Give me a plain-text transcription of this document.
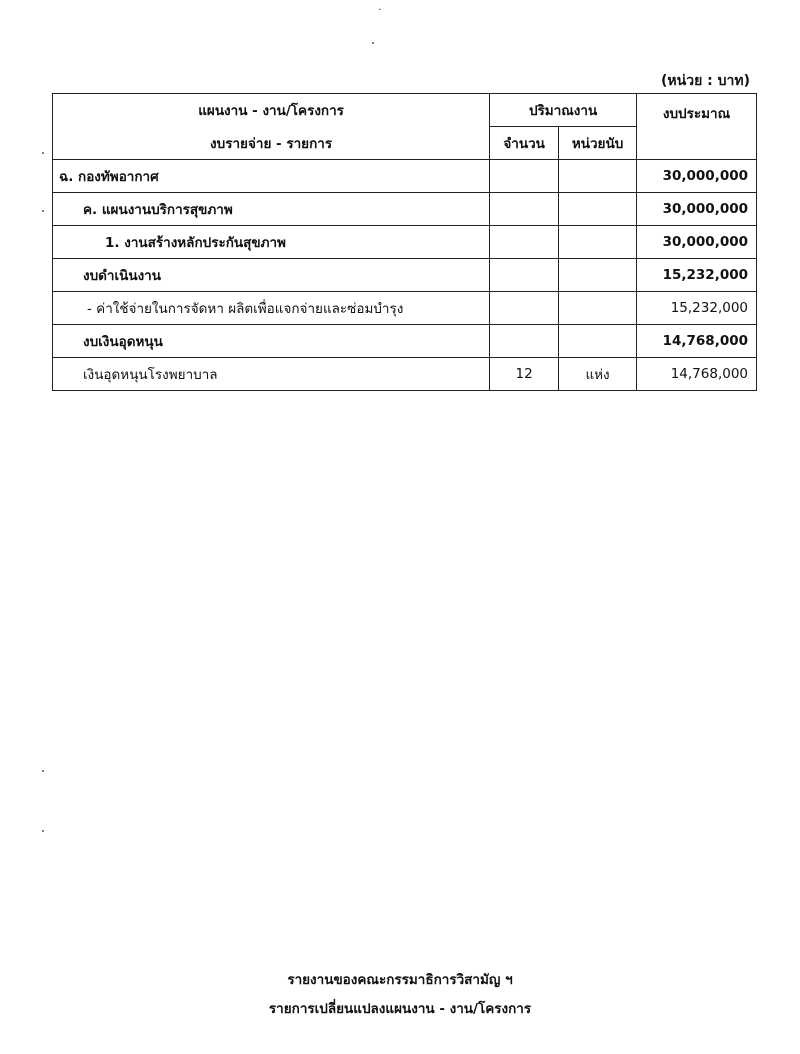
.
(หน่วย : บาท)
แผนงาน - งาน/โครงการ	ปริมาณงาน		งบประมาณ
งบรายจ่าย - รายการ	จำนวน	หน่วยนับ	
ฉ. กองทัพอากาศ			30,000,000
ค. แผนงานบริการสุขภาพ			30,000,000
1. งานสร้างหลักประกันสุขภาพ			30,000,000
งบดำเนินงาน			15,232,000
- ค่าใช้จ่ายในการจัดหา ผลิตเพื่อแจกจ่ายและซ่อมบำรุง			15,232,000
งบเงินอุดหนุน			14,768,000
เงินอุดหนุนโรงพยาบาล	12	แห่ง	14,768,000
รายงานของคณะกรรมาธิการวิสามัญ ฯ
รายการเปลี่ยนแปลงแผนงาน - งาน/โครงการ
